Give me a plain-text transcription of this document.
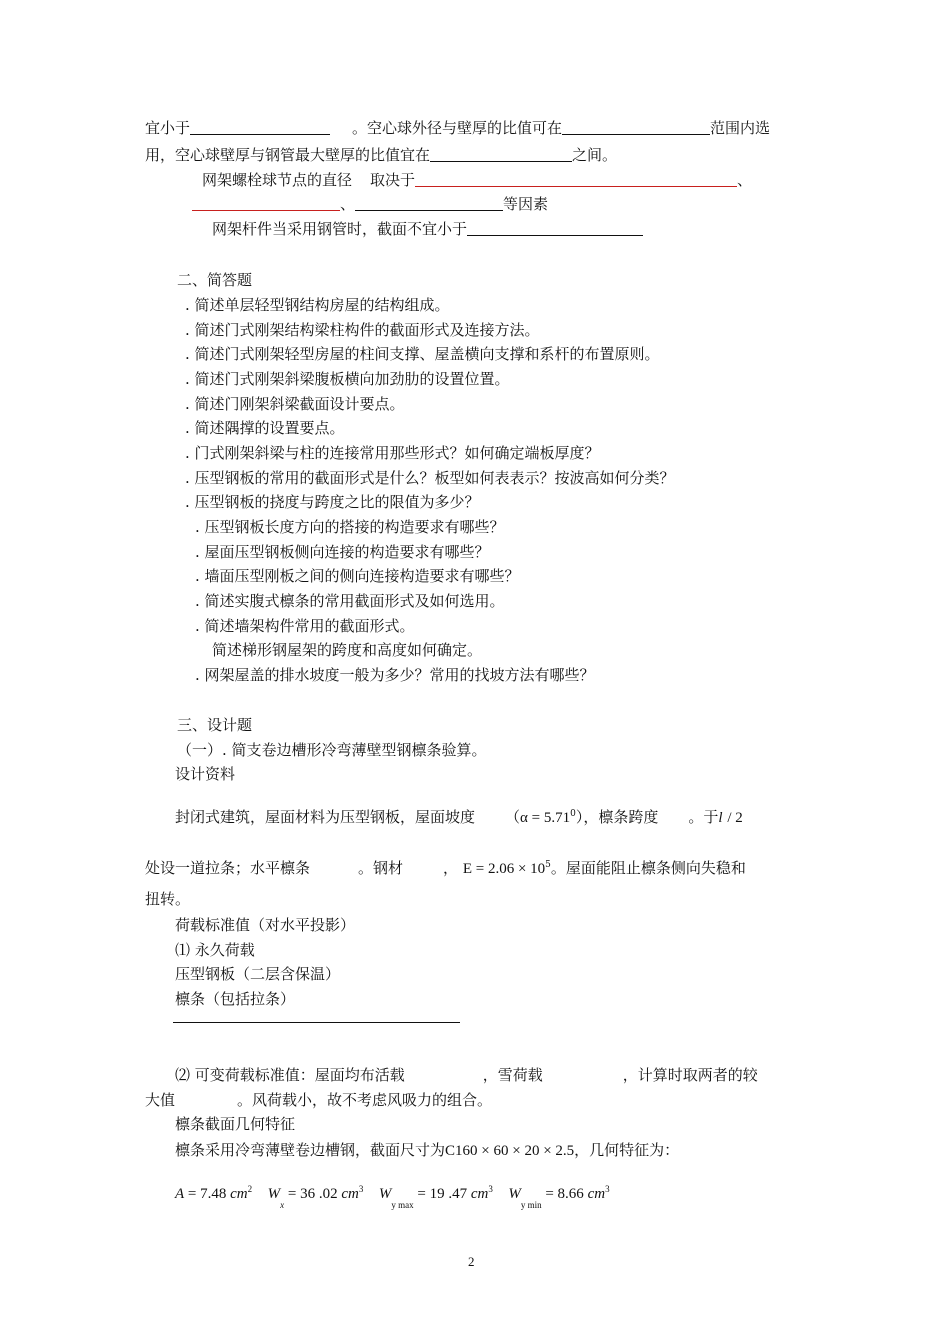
宜小于	。空心球外径与壁厚的比值可在	范围内选
用，空心球壁厚与钢管最大壁厚的比值宜在	之间。
网架螺栓球节点的直径 取决于	、
、	等因素
网架杆件当采用钢管时，截面不宜小于
二、简答题
. 简述单层轻型钢结构房屋的结构组成。
. 简述门式刚架结构梁柱构件的截面形式及连接方法。
. 简述门式刚架轻型房屋的柱间支撑、屋盖横向支撑和系杆的布置原则。
. 简述门式刚架斜梁腹板横向加劲肋的设置位置。
. 简述门刚架斜梁截面设计要点。
. 简述隅撑的设置要点。
. 门式刚架斜梁与柱的连接常用那些形式？如何确定端板厚度？
. 压型钢板的常用的截面形式是什么？板型如何表表示？按波高如何分类？
. 压型钢板的挠度与跨度之比的限值为多少？
. 压型钢板长度方向的搭接的构造要求有哪些？
. 屋面压型钢板侧向连接的构造要求有哪些？
. 墙面压型刚板之间的侧向连接构造要求有哪些？
. 简述实腹式檩条的常用截面形式及如何选用。
. 简述墙架构件常用的截面形式。
简述梯形钢屋架的跨度和高度如何确定。
. 网架屋盖的排水坡度一般为多少？常用的找坡方法有哪些？
三、设计题
（一）. 简支卷边槽形冷弯薄壁型钢檩条验算。
设计资料
封闭式建筑，屋面材料为压型钢板，屋面坡度 $(\alpha = 5.71^0)$，檩条跨度 。于l / 2
处设一道拉条；水平檩条	。钢材	， $E = 2.06 \times 10^5$。屋面能阻止檩条侧向失稳和
扭转。
荷载标准值（对水平投影）
⑴ 永久荷载
压型钢板（二层含保温）
檩条（包括拉条）
⑵ 可变荷载标准值：屋面均布活载	，雪荷载	，计算时取两者的较
大值	。风荷载小，故不考虑风吸力的组合。
檩条截面几何特征
檩条采用冷弯薄壁卷边槽钢，截面尺寸为C160 × 60 × 20 × 2.5，几何特征为：
A = 7.48 $cm^2$ $W_x = 36$ .02 $cm^3$ $W_{y max} = 19$ .47 $cm^3$ $W_{y min} = 8.66$ $cm^3$
2
